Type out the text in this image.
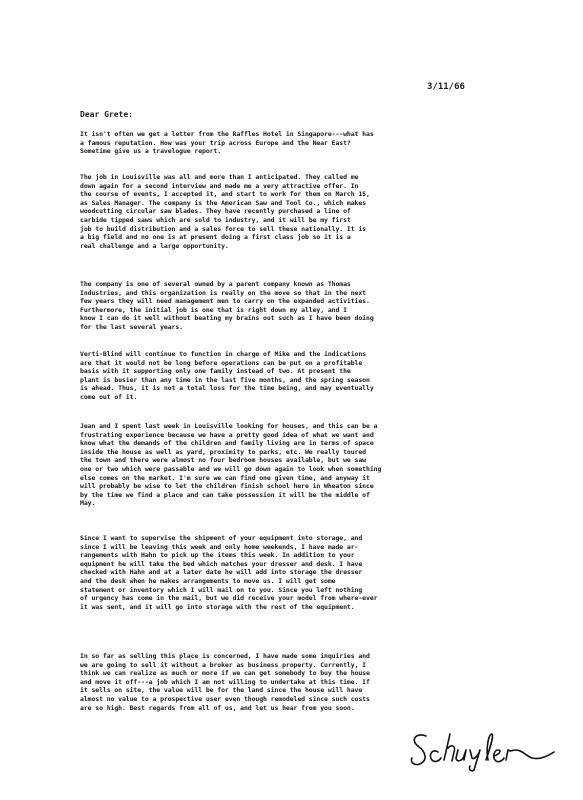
3/11/66
Dear Grete:
It isn't often we get a letter from the Raffles Hotel in Singapore---what has
a famous reputation. How was your trip across Europe and the Near East?
Sometime give us a travelogue report.
The job in Louisville was all and more than I anticipated. They called me
down again for a second interview and made me a very attractive offer. In
the course of events, I accepted it, and start to work for them on March 15,
as Sales Manager. The company is the American Saw and Tool Co., which makes
woodcutting circular saw blades. They have recently purchased a line of
carbide tipped saws which are sold to industry, and it will be my first
job to build distribution and a sales force to sell these nationally. It is
a big field and no one is at present doing a first class job so it is a
real challenge and a large opportunity.
The company is one of several owned by a parent company known as Thomas
Industries, and this organization is really on the move so that in the next
few years they will need management men to carry on the expanded activities.
Furthermore, the initial job is one that is right down my alley, and I
know I can do it well without beating my brains out such as I have been doing
for the last several years.
Verti-Blind will continue to function in charge of Mike and the indications
are that it would not be long before operations can be put on a profitable
basis with it supporting only one family instead of two. At present the
plant is busier than any time in the last five months, and the spring season
is ahead. Thus, it is not a total loss for the time being, and may eventually
come out of it.
Jean and I spent last week in Louisville looking for houses, and this can be a
frustrating experience because we have a pretty good idea of what we want and
know what the demands of the children and family living are in terms of space
inside the house as well as yard, proximity to parks, etc. We really toured
the town and there were almost no four bedroom houses available, but we saw
one or two which were passable and we will go down again to look when something
else comes on the market. I'm sure we can find one given time, and anyway it
will probably be wise to let the children finish school here in Wheaton since
by the time we find a place and can take possession it will be the middle of
May.
Since I want to supervise the shipment of your equipment into storage, and
since I will be leaving this week and only home weekends, I have made ar-
rangements with Hahn to pick up the items this week. In addition to your
equipment he will take the bed which matches your dresser and desk. I have
checked with Hahn and at a later date he will add into storage the dresser
and the desk when he makes arrangements to move us. I will get some
statement or inventory which I will mail on to you. Since you left nothing
of urgency has come in the mail, but we did receive your model from where-ever
it was sent, and it will go into storage with the rest of the equipment.
In so far as selling this place is concerned, I have made some inquiries and
we are going to sell it without a broker as business property. Currently, I
think we can realize as much or more if we can get somebody to buy the house
and move it off---a job which I am not willing to undertake at this time. If
it sells on site, the value will be for the land since the house will have
almost no value to a prospective user even though remodeled since such costs
are so high. Best regards from all of us, and let us hear from you soon.
